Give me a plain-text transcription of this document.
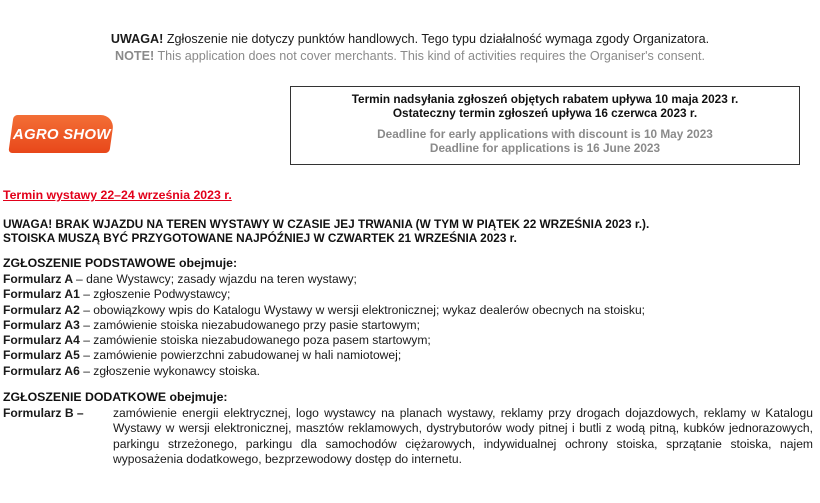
UWAGA! Zgłoszenie nie dotyczy punktów handlowych. Tego typu działalność wymaga zgody Organizatora.
NOTE! This application does not cover merchants. This kind of activities requires the Organiser's consent.
AGRO SHOW
Termin nadsyłania zgłoszeń objętych rabatem upływa 10 maja 2023 r.
Ostateczny termin zgłoszeń upływa 16 czerwca 2023 r.
Deadline for early applications with discount is 10 May 2023
Deadline for applications is 16 June 2023
Termin wystawy 22–24 września 2023 r.
UWAGA! BRAK WJAZDU NA TEREN WYSTAWY W CZASIE JEJ TRWANIA (W TYM W PIĄTEK 22 WRZEŚNIA 2023 r.).
STOISKA MUSZĄ BYĆ PRZYGOTOWANE NAJPÓŹNIEJ W CZWARTEK 21 WRZEŚNIA 2023 r.
ZGŁOSZENIE PODSTAWOWE obejmuje:
Formularz A – dane Wystawcy; zasady wjazdu na teren wystawy;
Formularz A1 – zgłoszenie Podwystawcy;
Formularz A2 – obowiązkowy wpis do Katalogu Wystawy w wersji elektronicznej; wykaz dealerów obecnych na stoisku;
Formularz A3 – zamówienie stoiska niezabudowanego przy pasie startowym;
Formularz A4 – zamówienie stoiska niezabudowanego poza pasem startowym;
Formularz A5 – zamówienie powierzchni zabudowanej w hali namiotowej;
Formularz A6 – zgłoszenie wykonawcy stoiska.
ZGŁOSZENIE DODATKOWE obejmuje:
Formularz B – zamówienie energii elektrycznej, logo wystawcy na planach wystawy, reklamy przy drogach dojazdowych, reklamy w Katalogu Wystawy w wersji elektronicznej, masztów reklamowych, dystrybutorów wody pitnej i butli z wodą pitną, kubków jednorazowych, parkingu strzeżonego, parkingu dla samochodów ciężarowych, indywidualnej ochrony stoiska, sprzątanie stoiska, najem wyposażenia dodatkowego, bezprzewodowy dostęp do internetu.
